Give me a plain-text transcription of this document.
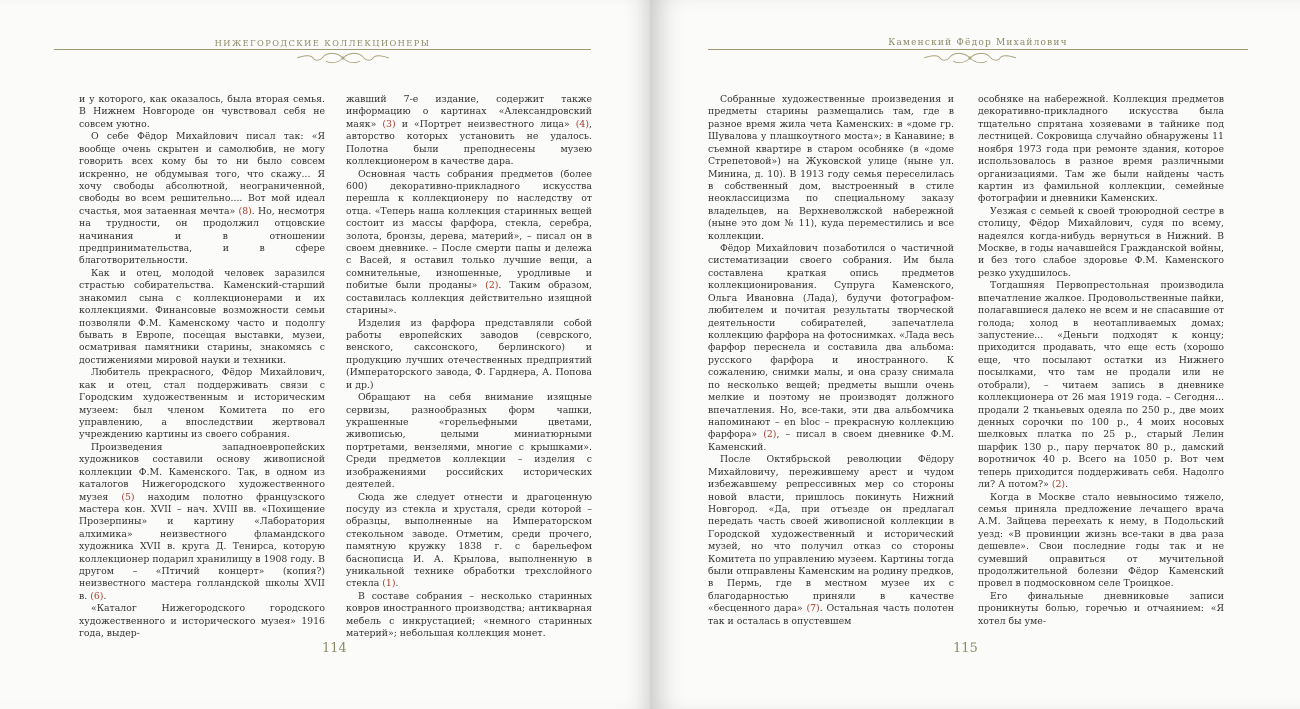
НИЖЕГОРОДСКИЕ КОЛЛЕКЦИОНЕРЫ

и у которого, как оказалось, была вторая семья. В Нижнем Новгороде он чувствовал себя не совсем уютно.

О себе Фёдор Михайлович писал так: «Я вообще очень скрытен и самолюбив, не могу говорить всех кому бы то ни было совсем искренно, не обдумывая того, что скажу... Я хочу свободы абсолютной, неограниченной, свободы во всем решительно.... Вот мой идеал счастья, моя затаенная мечта» (8). Но, несмотря на трудности, он продолжил отцовские начинания и в отношении предпринимательства, и в сфере благотворительности.

Как и отец, молодой человек заразился страстью собирательства. Каменский-старший знакомил сына с коллекционерами и их коллекциями. Финансовые возможности семьи позволяли Ф.М. Каменскому часто и подолгу бывать в Европе, посещая выставки, музеи, осматривая памятники старины, знакомясь с достижениями мировой науки и техники.

Любитель прекрасного, Фёдор Михайлович, как и отец, стал поддерживать связи с Городским художественным и историческим музеем: был членом Комитета по его управлению, а впоследствии жертвовал учреждению картины из своего собрания.

Произведения западноевропейских художников составили основу живописной коллекции Ф.М. Каменского. Так, в одном из каталогов Нижегородского художественного музея (5) находим полотно французского мастера кон. XVII – нач. XVIII вв. «Похищение Прозерпины» и картину «Лаборатория алхимика» неизвестного фламандского художника XVII в. круга Д. Тенирса, которую коллекционер подарил хранилищу в 1908 году. В другом – «Птичий концерт» (копия?) неизвестного мастера голландской школы XVII в. (6).

«Каталог Нижегородского городского художественного и исторического музея» 1916 года, выдер-

жавший 7-е издание, содержит также информацию о картинах «Александровский маяк» (3) и «Портрет неизвестного лица» (4), авторство которых установить не удалось. Полотна были преподнесены музею коллекционером в качестве дара.

Основная часть собрания предметов (более 600) декоративно-прикладного искусства перешла к коллекционеру по наследству от отца. «Теперь наша коллекция старинных вещей состоит из массы фарфора, стекла, серебра, золота, бронзы, дерева, материй», – писал он в своем дневнике. – После смерти папы и дележа с Васей, я оставил только лучшие вещи, а сомнительные, изношенные, уродливые и побитые были проданы» (2). Таким образом, составилась коллекция действительно изящной старины».

Изделия из фарфора представляли собой работы европейских заводов (севрского, венского, саксонского, берлинского) и продукцию лучших отечественных предприятий (Императорского завода, Ф. Гарднера, А. Попова и др.)

Обращают на себя внимание изящные сервизы, разнообразных форм чашки, украшенные «горельефными цветами, живописью, целыми миниатюрными портретами, вензелями, многие с крышками». Среди предметов коллекции – изделия с изображениями российских исторических деятелей.

Сюда же следует отнести и драгоценную посуду из стекла и хрусталя, среди которой – образцы, выполненные на Императорском стекольном заводе. Отметим, среди прочего, памятную кружку 1838 г. с барельефом баснописца И. А. Крылова, выполненную в уникальной технике обработки трехслойного стекла (1).

В составе собрания – несколько старинных ковров иностранного производства; антикварная мебель с инкрустацией; «немного старинных материй»; небольшая коллекция монет.

114
Каменский Фёдор Михайлович

Собранные художественные произведения и предметы старины размещались там, где в разное время жила чета Каменских: в «доме гр. Шувалова у плашкоутного моста»; в Канавине; в съемной квартире в старом особняке (в «доме Стрепетовой») на Жуковской улице (ныне ул. Минина, д. 10). В 1913 году семья переселилась в собственный дом, выстроенный в стиле неоклассицизма по специальному заказу владельцев, на Верхневолжской набережной (ныне это дом № 11), куда переместились и все коллекции.

Фёдор Михайлович позаботился о частичной систематизации своего собрания. Им была составлена краткая опись предметов коллекционирования. Супруга Каменского, Ольга Ивановна (Лада), будучи фотографом-любителем и почитая результаты творческой деятельности собирателей, запечатлела коллекцию фарфора на фотоснимках. «Лада весь фарфор переснела и составила два альбома: русского фарфора и иностранного. К сожалению, снимки малы, и она сразу снимала по несколько вещей; предметы вышли очень мелкие и поэтому не производят должного впечатления. Но, все-таки, эти два альбомчика напоминают – en bloc – прекрасную коллекцию фарфора» (2), – писал в своем дневнике Ф.М. Каменский.

После Октябрьской революции Фёдору Михайловичу, пережившему арест и чудом избежавшему репрессивных мер со стороны новой власти, пришлось покинуть Нижний Новгород. «Да, при отъезде он предлагал передать часть своей живописной коллекции в Городской художественный и исторический музей, но что получил отказ со стороны Комитета по управлению музеем. Картины тогда были отправлены Каменским на родину предков, в Пермь, где в местном музее их с благодарностью приняли в качестве «бесценного дара» (7). Остальная часть полотен так и осталась в опустевшем

особняке на набережной. Коллекция предметов декоративно-прикладного искусства была тщательно спрятана хозяевами в тайнике под лестницей. Сокровища случайно обнаружены 11 ноября 1973 года при ремонте здания, которое использовалось в разное время различными организациями. Там же были найдены часть картин из фамильной коллекции, семейные фотографии и дневники Каменских.

Уезжая с семьей к своей троюродной сестре в столицу, Фёдор Михайлович, судя по всему, надеялся когда-нибудь вернуться в Нижний. В Москве, в годы начавшейся Гражданской войны, и без того слабое здоровье Ф.М. Каменского резко ухудшилось.

Тогдашняя Первопрестольная производила впечатление жалкое. Продовольственные пайки, полагавшиеся далеко не всем и не спасавшие от голода; холод в неотапливаемых домах; запустение... «Деньги подходят к концу; приходится продавать, что еще есть (хорошо еще, что посылают остатки из Нижнего посылками, что там не продали или не отобрали), – читаем запись в дневнике коллекционера от 26 мая 1919 года. – Сегодня... продали 2 тканьевых одеяла по 250 р., две моих денных сорочки по 100 р., 4 моих носовых шелковых платка по 25 р., старый Лелин шарфик 130 р., пару перчаток 80 р., дамский воротничок 40 р. Всего на 1050 р. Вот чем теперь приходится поддерживать себя. Надолго ли? А потом?» (2).

Когда в Москве стало невыносимо тяжело, семья приняла предложение лечащего врача А.М. Зайцева переехать к нему, в Подольский уезд: «В провинции жизнь все-таки в два раза дешевле». Свои последние годы так и не сумевший оправиться от мучительной продолжительной болезни Фёдор Каменский провел в подмосковном селе Троицкое.

Его финальные дневниковые записи проникнуты болью, горечью и отчаянием: «Я хотел бы уме-

115
